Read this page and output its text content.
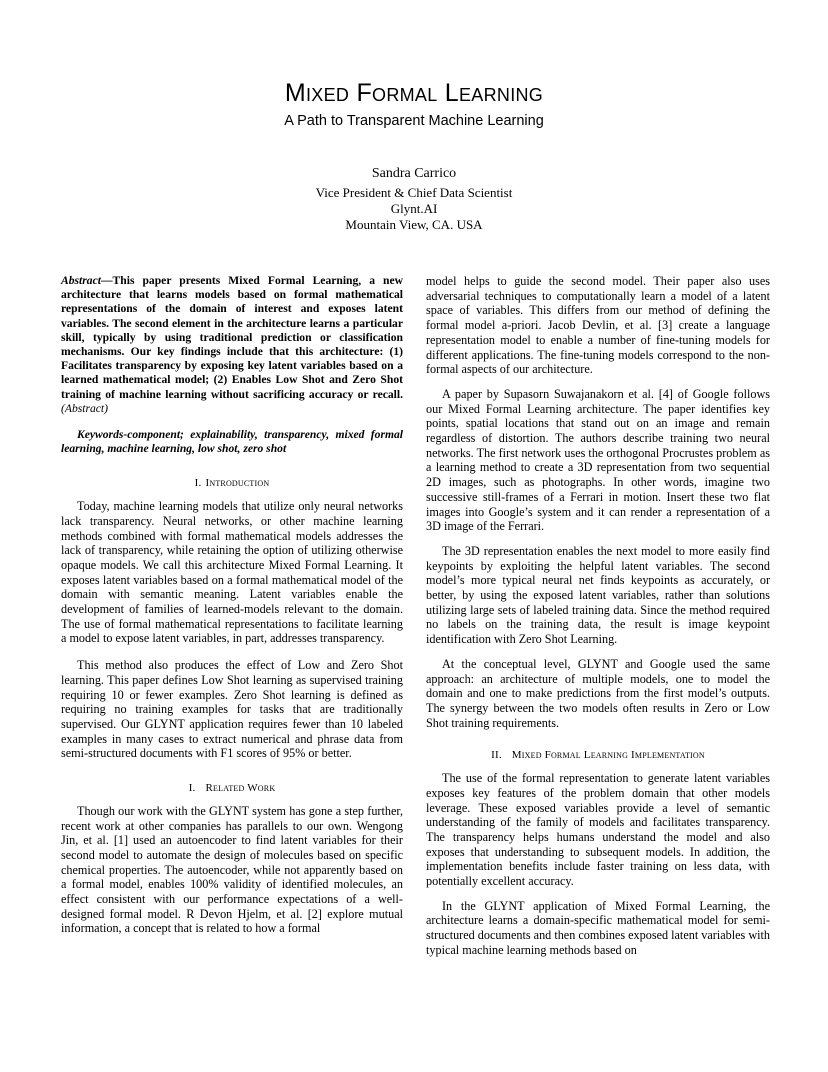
Mixed Formal Learning
A Path to Transparent Machine Learning
Sandra Carrico
Vice President & Chief Data Scientist
Glynt.AI
Mountain View, CA. USA

Abstract—This paper presents Mixed Formal Learning, a new architecture that learns models based on formal mathematical representations of the domain of interest and exposes latent variables. The second element in the architecture learns a particular skill, typically by using traditional prediction or classification mechanisms. Our key findings include that this architecture: (1) Facilitates transparency by exposing key latent variables based on a learned mathematical model; (2) Enables Low Shot and Zero Shot training of machine learning without sacrificing accuracy or recall. (Abstract)

Keywords-component; explainability, transparency, mixed formal learning, machine learning, low shot, zero shot

I. Introduction

Today, machine learning models that utilize only neural networks lack transparency. Neural networks, or other machine learning methods combined with formal mathematical models addresses the lack of transparency, while retaining the option of utilizing otherwise opaque models. We call this architecture Mixed Formal Learning. It exposes latent variables based on a formal mathematical model of the domain with semantic meaning. Latent variables enable the development of families of learned-models relevant to the domain. The use of formal mathematical representations to facilitate learning a model to expose latent variables, in part, addresses transparency.

This method also produces the effect of Low and Zero Shot learning. This paper defines Low Shot learning as supervised training requiring 10 or fewer examples. Zero Shot learning is defined as requiring no training examples for tasks that are traditionally supervised. Our GLYNT application requires fewer than 10 labeled examples in many cases to extract numerical and phrase data from semi-structured documents with F1 scores of 95% or better.

I. Related Work

Though our work with the GLYNT system has gone a step further, recent work at other companies has parallels to our own. Wengong Jin, et al. [1] used an autoencoder to find latent variables for their second model to automate the design of molecules based on specific chemical properties. The autoencoder, while not apparently based on a formal model, enables 100% validity of identified molecules, an effect consistent with our performance expectations of a well-designed formal model. R Devon Hjelm, et al. [2] explore mutual information, a concept that is related to how a formal

model helps to guide the second model. Their paper also uses adversarial techniques to computationally learn a model of a latent space of variables. This differs from our method of defining the formal model a-priori. Jacob Devlin, et al. [3] create a language representation model to enable a number of fine-tuning models for different applications. The fine-tuning models correspond to the non-formal aspects of our architecture.

A paper by Supasorn Suwajanakorn et al. [4] of Google follows our Mixed Formal Learning architecture. The paper identifies key points, spatial locations that stand out on an image and remain regardless of distortion. The authors describe training two neural networks. The first network uses the orthogonal Procrustes problem as a learning method to create a 3D representation from two sequential 2D images, such as photographs. In other words, imagine two successive still-frames of a Ferrari in motion. Insert these two flat images into Google’s system and it can render a representation of a 3D image of the Ferrari.

The 3D representation enables the next model to more easily find keypoints by exploiting the helpful latent variables. The second model’s more typical neural net finds keypoints as accurately, or better, by using the exposed latent variables, rather than solutions utilizing large sets of labeled training data. Since the method required no labels on the training data, the result is image keypoint identification with Zero Shot Learning.

At the conceptual level, GLYNT and Google used the same approach: an architecture of multiple models, one to model the domain and one to make predictions from the first model’s outputs. The synergy between the two models often results in Zero or Low Shot training requirements.

II. Mixed Formal Learning Implementation

The use of the formal representation to generate latent variables exposes key features of the problem domain that other models leverage. These exposed variables provide a level of semantic understanding of the family of models and facilitates transparency. The transparency helps humans understand the model and also exposes that understanding to subsequent models. In addition, the implementation benefits include faster training on less data, with potentially excellent accuracy.

In the GLYNT application of Mixed Formal Learning, the architecture learns a domain-specific mathematical model for semi-structured documents and then combines exposed latent variables with typical machine learning methods based on
